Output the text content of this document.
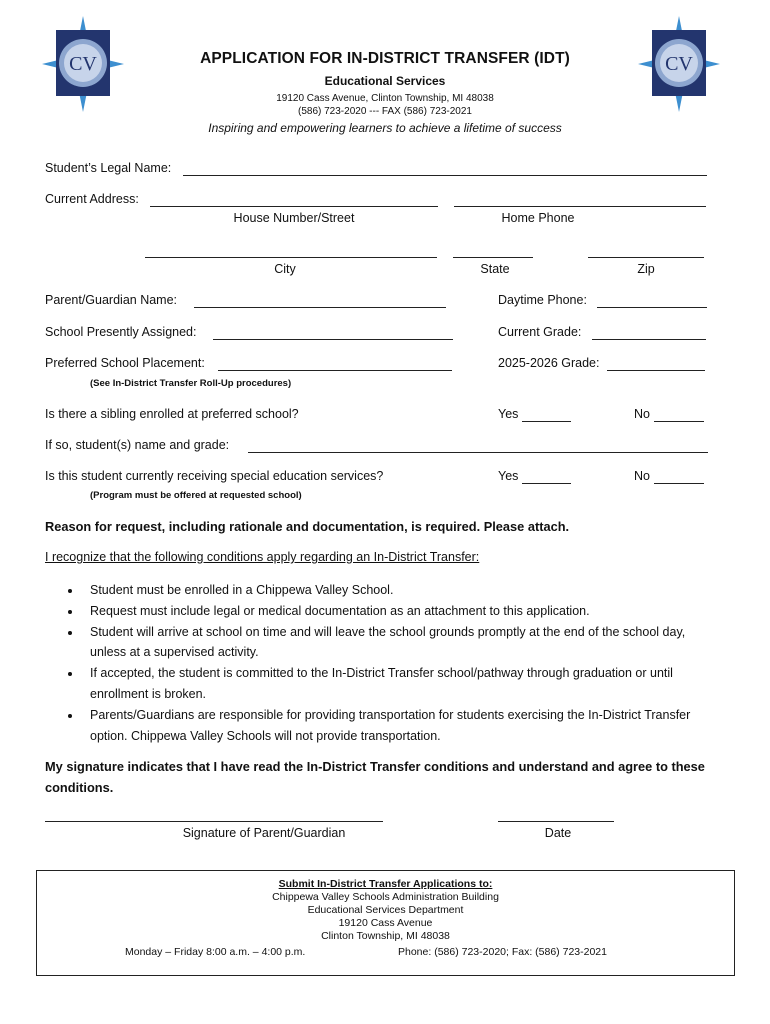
CV	CV
APPLICATION FOR IN-DISTRICT TRANSFER (IDT)
Educational Services
19120 Cass Avenue, Clinton Township, MI 48038
(586) 723-2020 --- FAX (586) 723-2021
Inspiring and empowering learners to achieve a lifetime of success
Student’s Legal Name:
Current Address:
House Number/Street	Home Phone
City	State	Zip
Parent/Guardian Name:	Daytime Phone:
School Presently Assigned:	Current Grade:
Preferred School Placement:	2025-2026 Grade:
(See In-District Transfer Roll-Up procedures)
Is there a sibling enrolled at preferred school?	Yes	No
If so, student(s) name and grade:
Is this student currently receiving special education services?	Yes	No
(Program must be offered at requested school)
Reason for request, including rationale and documentation, is required. Please attach.
I recognize that the following conditions apply regarding an In-District Transfer:
• Student must be enrolled in a Chippewa Valley School.
• Request must include legal or medical documentation as an attachment to this application.
• Student will arrive at school on time and will leave the school grounds promptly at the end of the school day, unless at a supervised activity.
• If accepted, the student is committed to the In-District Transfer school/pathway through graduation or until enrollment is broken.
• Parents/Guardians are responsible for providing transportation for students exercising the In-District Transfer option. Chippewa Valley Schools will not provide transportation.
My signature indicates that I have read the In-District Transfer conditions and understand and agree to these conditions.
Signature of Parent/Guardian	Date
Submit In-District Transfer Applications to:
Chippewa Valley Schools Administration Building
Educational Services Department
19120 Cass Avenue
Clinton Township, MI 48038
Monday – Friday 8:00 a.m. – 4:00 p.m.	Phone: (586) 723-2020; Fax: (586) 723-2021
